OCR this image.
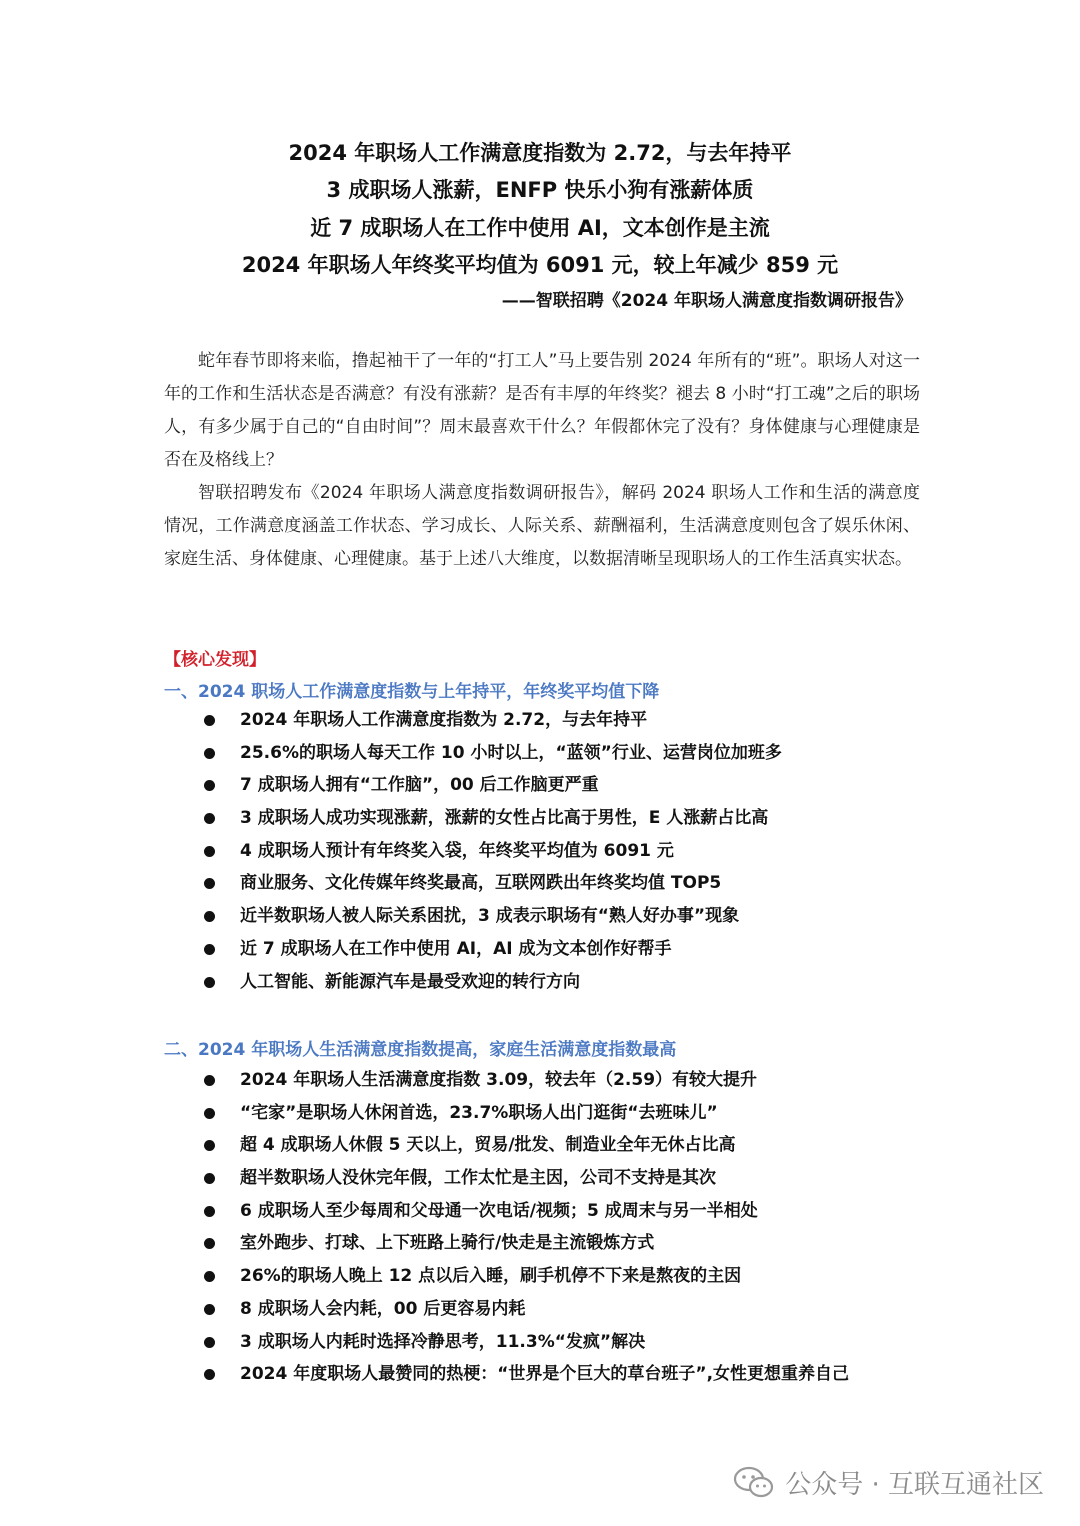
2024 年职场人工作满意度指数为 2.72，与去年持平
3 成职场人涨薪，ENFP 快乐小狗有涨薪体质
近 7 成职场人在工作中使用 AI，文本创作是主流
2024 年职场人年终奖平均值为 6091 元，较上年减少 859 元
——智联招聘《2024 年职场人满意度指数调研报告》

蛇年春节即将来临，撸起袖干了一年的“打工人”马上要告别 2024 年所有的“班”。职场人对这一年的工作和生活状态是否满意？有没有涨薪？是否有丰厚的年终奖？褪去 8 小时“打工魂”之后的职场人，有多少属于自己的“自由时间”？周末最喜欢干什么？年假都休完了没有？身体健康与心理健康是否在及格线上？

智联招聘发布《2024 年职场人满意度指数调研报告》，解码 2024 职场人工作和生活的满意度情况，工作满意度涵盖工作状态、学习成长、人际关系、薪酬福利，生活满意度则包含了娱乐休闲、家庭生活、身体健康、心理健康。基于上述八大维度，以数据清晰呈现职场人的工作生活真实状态。

【核心发现】
一、2024 职场人工作满意度指数与上年持平，年终奖平均值下降
2024 年职场人工作满意度指数为 2.72，与去年持平
25.6%的职场人每天工作 10 小时以上，“蓝领”行业、运营岗位加班多
7 成职场人拥有“工作脑”，00 后工作脑更严重
3 成职场人成功实现涨薪，涨薪的女性占比高于男性，E 人涨薪占比高
4 成职场人预计有年终奖入袋，年终奖平均值为 6091 元
商业服务、文化传媒年终奖最高，互联网跌出年终奖均值 TOP5
近半数职场人被人际关系困扰，3 成表示职场有“熟人好办事”现象
近 7 成职场人在工作中使用 AI，AI 成为文本创作好帮手
人工智能、新能源汽车是最受欢迎的转行方向
二、2024 年职场人生活满意度指数提高，家庭生活满意度指数最高
2024 年职场人生活满意度指数 3.09，较去年（2.59）有较大提升
“宅家”是职场人休闲首选，23.7%职场人出门逛街“去班味儿”
超 4 成职场人休假 5 天以上，贸易/批发、制造业全年无休占比高
超半数职场人没休完年假，工作太忙是主因，公司不支持是其次
6 成职场人至少每周和父母通一次电话/视频；5 成周末与另一半相处
室外跑步、打球、上下班路上骑行/快走是主流锻炼方式
26%的职场人晚上 12 点以后入睡，刷手机停不下来是熬夜的主因
8 成职场人会内耗，00 后更容易内耗
3 成职场人内耗时选择冷静思考，11.3%“发疯”解决
2024 年度职场人最赞同的热梗：“世界是个巨大的草台班子”,女性更想重养自己
公众号 · 互联互通社区
